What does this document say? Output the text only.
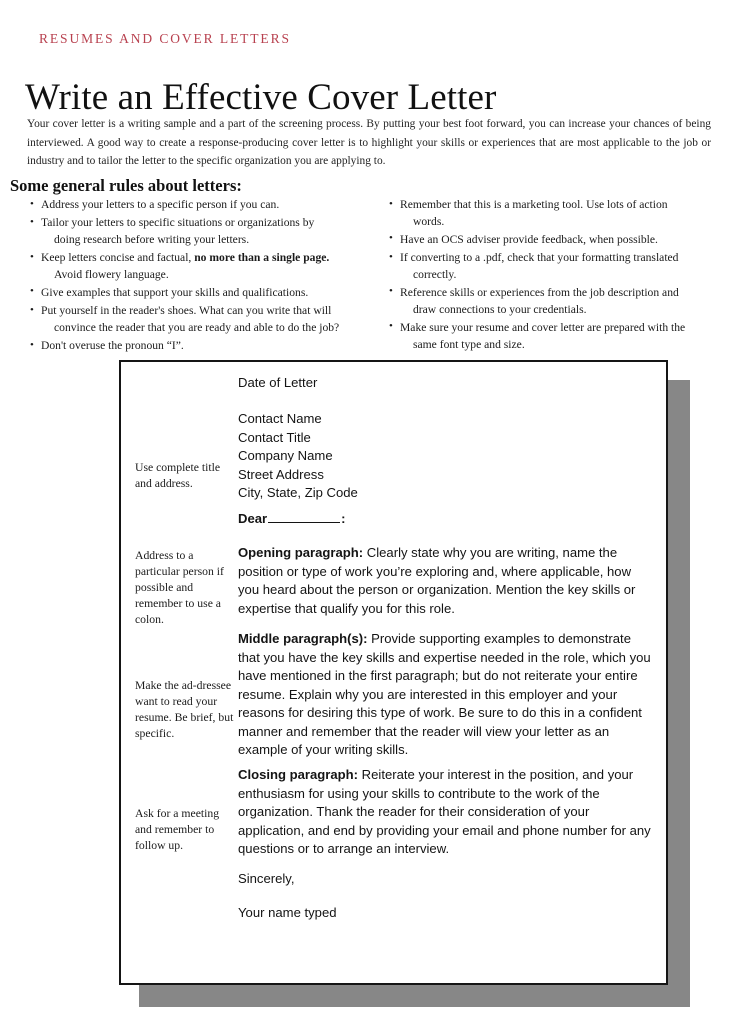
RESUMES AND COVER LETTERS
Write an Effective Cover Letter

Your cover letter is a writing sample and a part of the screening process. By putting your best foot forward, you can increase your chances of being interviewed. A good way to create a response-producing cover letter is to highlight your skills or experiences that are most applicable to the job or industry and to tailor the letter to the specific organization you are applying to.

Some general rules about letters:
• Address your letters to a specific person if you can.
• Tailor your letters to specific situations or organizations by
doing research before writing your letters.
• Keep letters concise and factual, no more than a single page.
Avoid flowery language.
• Give examples that support your skills and qualifications.
• Put yourself in the reader's shoes. What can you write that will
convince the reader that you are ready and able to do the job?
• Don't overuse the pronoun “I”.
• Remember that this is a marketing tool. Use lots of action
words.
• Have an OCS adviser provide feedback, when possible.
• If converting to a .pdf, check that your formatting translated
correctly.
• Reference skills or experiences from the job description and
draw connections to your credentials.
• Make sure your resume and cover letter are prepared with the
same font type and size.
Date of Letter
Use complete title and address.
Contact Name
Contact Title
Company Name
Street Address
City, State, Zip Code
Dear	:
Address to a particular person if possible and remember to use a colon.
Opening paragraph: Clearly state why you are writing, name the position or type of work you’re exploring and, where applicable, how you heard about the person or organization. Mention the key skills or expertise that qualify you for this role.
Make the ad-dressee want to read your resume. Be brief, but specific.
Middle paragraph(s): Provide supporting examples to demonstrate that you have the key skills and expertise needed in the role, which you have mentioned in the first paragraph; but do not reiterate your entire resume. Explain why you are interested in this employer and your reasons for desiring this type of work. Be sure to do this in a confident manner and remember that the reader will view your letter as an example of your writing skills.
Ask for a meeting and remember to follow up.
Closing paragraph: Reiterate your interest in the position, and your enthusiasm for using your skills to contribute to the work of the organization. Thank the reader for their consideration of your application, and end by providing your email and phone number for any questions or to arrange an interview.
Sincerely,
Your name typed
